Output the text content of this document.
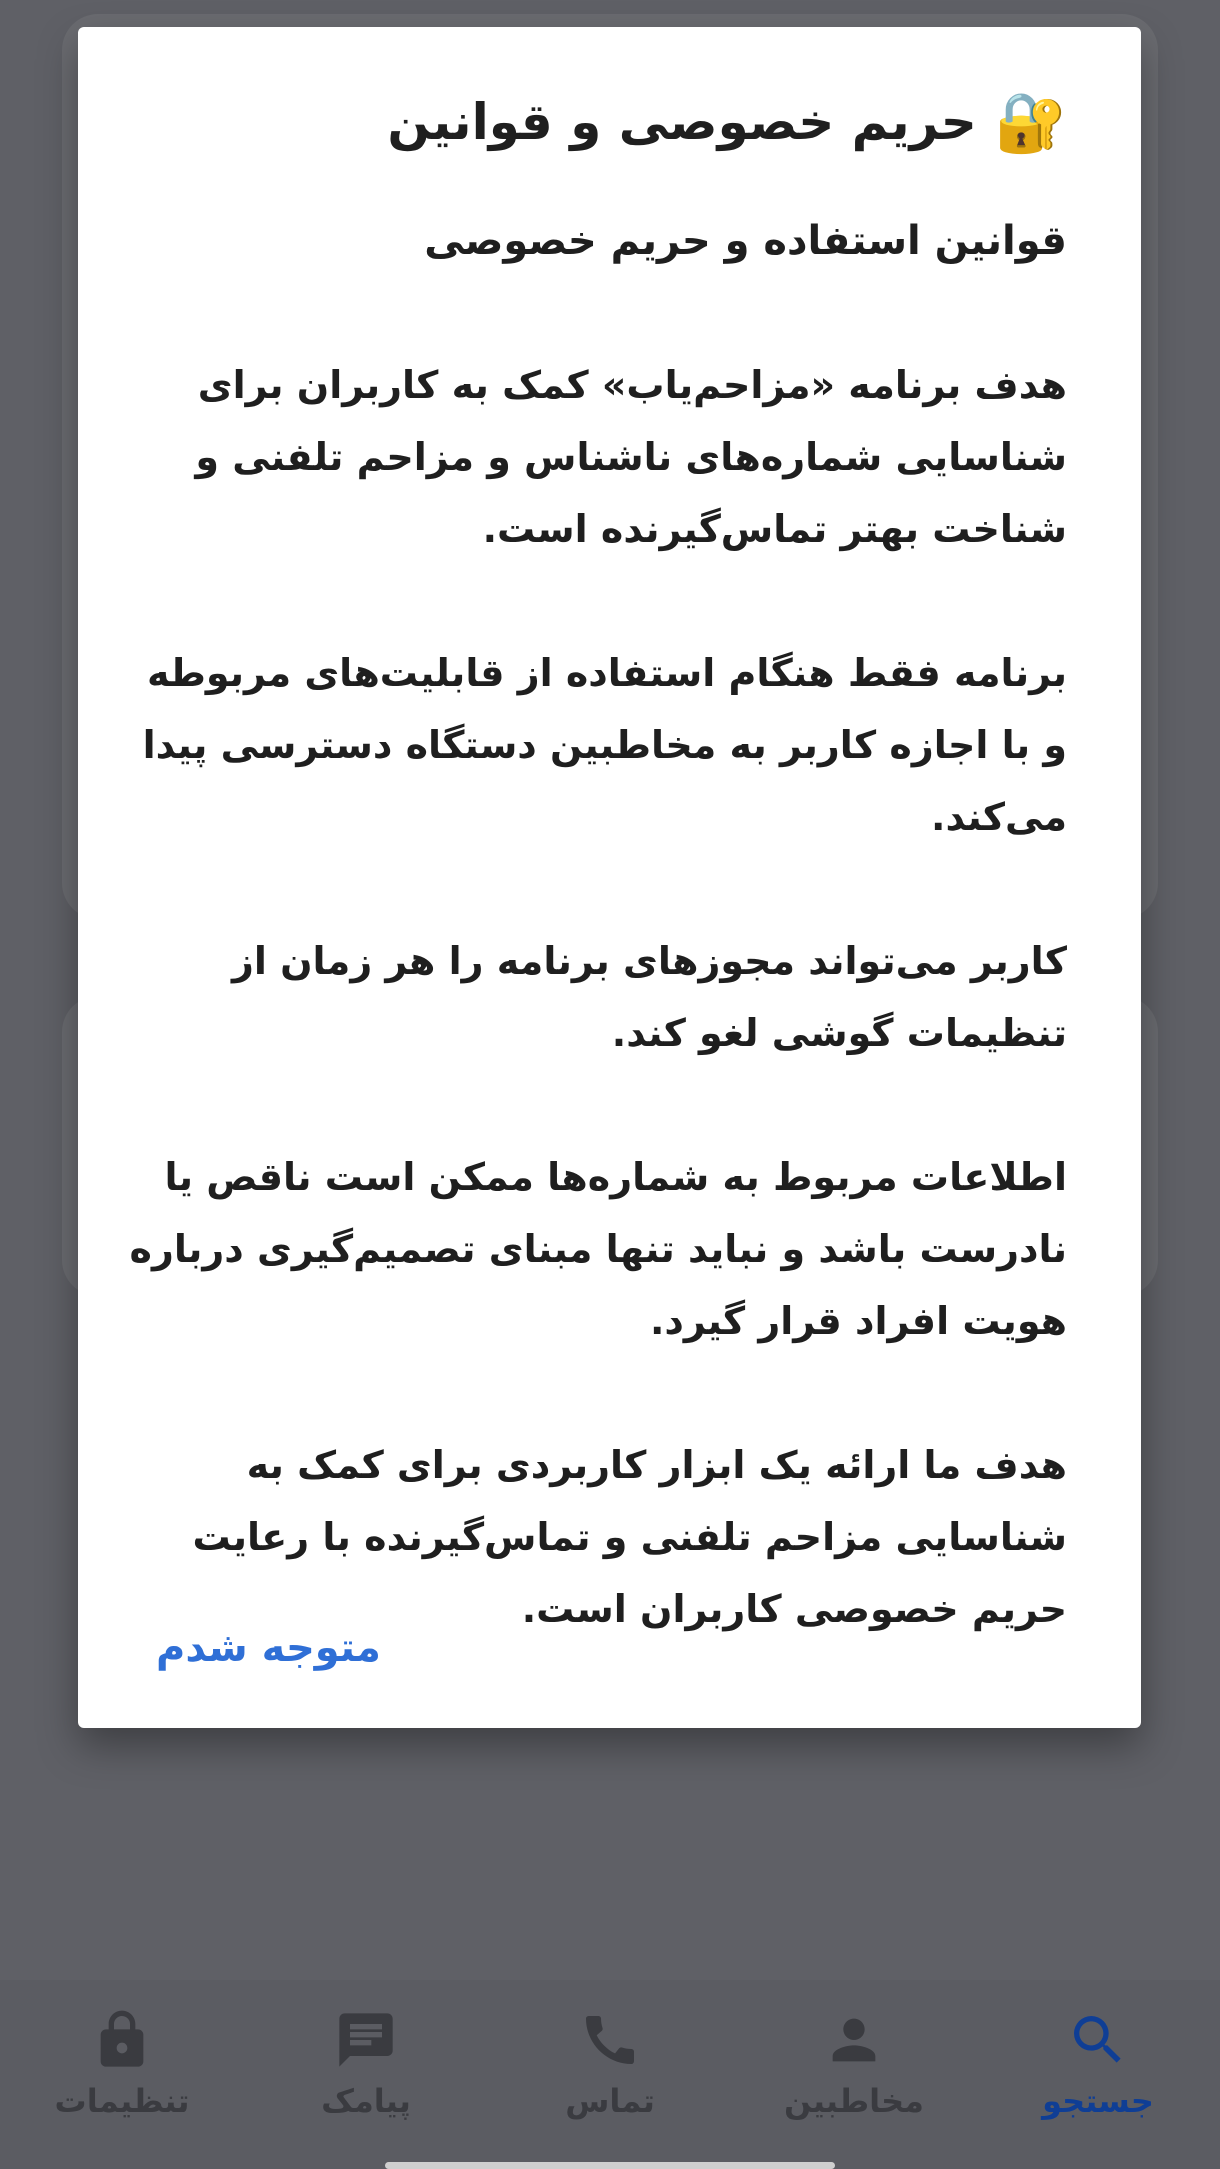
🔐
حریم خصوصی و قوانین

قوانین استفاده و حریم خصوصی

هدف برنامه «مزاحم‌یاب» کمک به کاربران برای شناسایی شماره‌های ناشناس و مزاحم تلفنی و شناخت بهتر تماس‌گیرنده است.

برنامه فقط هنگام استفاده از قابلیت‌های مربوطه و با اجازه کاربر به مخاطبین دستگاه دسترسی پیدا می‌کند.

کاربر می‌تواند مجوزهای برنامه را هر زمان از تنظیمات گوشی لغو کند.

اطلاعات مربوط به شماره‌ها ممکن است ناقص یا نادرست باشد و نباید تنها مبنای تصمیم‌گیری درباره هویت افراد قرار گیرد.

هدف ما ارائه یک ابزار کاربردی برای کمک به شناسایی مزاحم تلفنی و تماس‌گیرنده با رعایت حریم خصوصی کاربران است.

متوجه شدم
جستجو
مخاطبین
تماس
پیامک
تنظیمات
